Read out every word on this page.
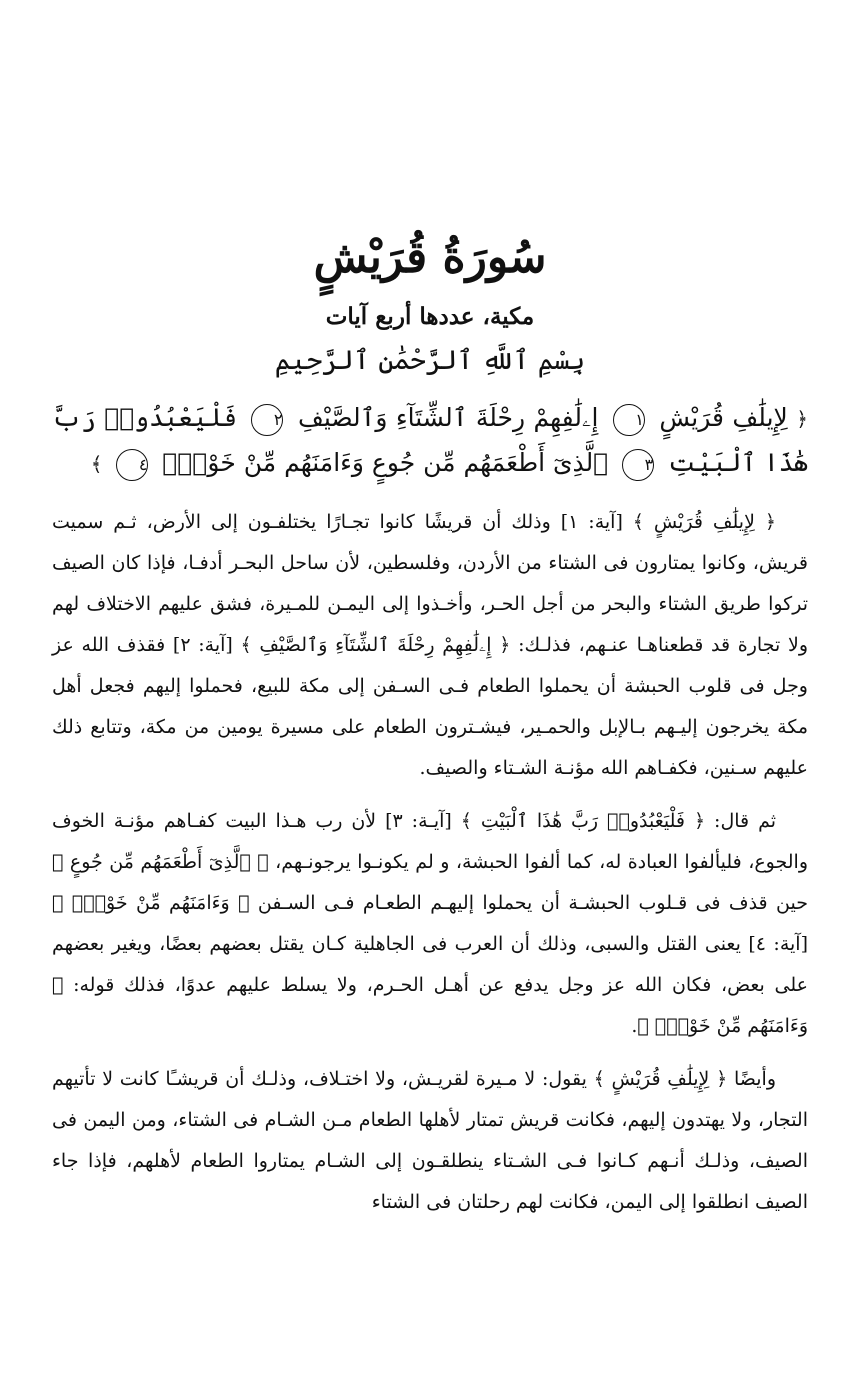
سُورَةُ قُرَيْشٍ
مكية، عددها أربع آيات
بِسْمِ ٱللَّهِ ٱلرَّحْمَٰنِ ٱلرَّحِيمِ
﴿ لِإِيلَٰفِ قُرَيْشٍ ١ إِۦلَٰفِهِمْ رِحْلَةَ ٱلشِّتَآءِ وَٱلصَّيْفِ ٢ فَلْيَعْبُدُوا۟ رَبَّ هَٰذَا ٱلْبَيْتِ ٣ ٱلَّذِىٓ أَطْعَمَهُم مِّن جُوعٍ وَءَامَنَهُم مِّنْ خَوْفٍۭ ٤ ﴾

﴿ لِإِيلَٰفِ قُرَيْشٍ ﴾ [آية: ١] وذلك أن قريشًا كانوا تجـارًا يختلفـون إلى الأرض، ثـم سميت قريش، وكانوا يمتارون فى الشتاء من الأردن، وفلسطين، لأن ساحل البحـر أدفـا، فإذا كان الصيف تركوا طريق الشتاء والبحر من أجل الحـر، وأخـذوا إلى اليمـن للمـيرة، فشق عليهم الاختلاف لهم ولا تجارة قد قطعناهـا عنـهم، فذلـك: ﴿ إِۦلَٰفِهِمْ رِحْلَةَ ٱلشِّتَآءِ وَٱلصَّيْفِ ﴾ [آية: ٢] فقذف الله عز وجل فى قلوب الحبشة أن يحملوا الطعام فـى السـفن إلى مكة للبيع، فحملوا إليهم فجعل أهل مكة يخرجون إليـهم بـالإبل والحمـير، فيشـترون الطعام على مسيرة يومين من مكة، وتتابع ذلك عليهم سـنين، فكفـاهم الله مؤنـة الشـتاء والصيف.

ثم قال: ﴿ فَلْيَعْبُدُوا۟ رَبَّ هَٰذَا ٱلْبَيْتِ ﴾ [آيـة: ٣] لأن رب هـذا البيت كفـاهم مؤنـة الخوف والجوع، فليألفوا العبادة له، كما ألفوا الحبشة، و لم يكونـوا يرجونـهم، ﴿ ٱلَّذِىٓ أَطْعَمَهُم مِّن جُوعٍ ﴾ حين قذف فى قـلوب الحبشـة أن يحملوا إليهـم الطعـام فـى السـفن ﴿ وَءَامَنَهُم مِّنْ خَوْفٍۭ ﴾ [آية: ٤] يعنى القتل والسبى، وذلك أن العرب فى الجاهلية كـان يقتل بعضهم بعضًا، ويغير بعضهم على بعض، فكان الله عز وجل يدفع عن أهـل الحـرم، ولا يسلط عليهم عدوًا، فذلك قوله: ﴿ وَءَامَنَهُم مِّنْ خَوْفٍۭ ﴾.

وأيضًا ﴿ لِإِيلَٰفِ قُرَيْشٍ ﴾ يقول: لا مـيرة لقريـش، ولا اختـلاف، وذلـك أن قريشـًا كانت لا تأتيهم التجار، ولا يهتدون إليهم، فكانت قريش تمتار لأهلها الطعام مـن الشـام فى الشتاء، ومن اليمن فى الصيف، وذلـك أنـهم كـانوا فـى الشـتاء ينطلقـون إلى الشـام يمتاروا الطعام لأهلهم، فإذا جاء الصيف انطلقوا إلى اليمن، فكانت لهم رحلتان فى الشتاء
